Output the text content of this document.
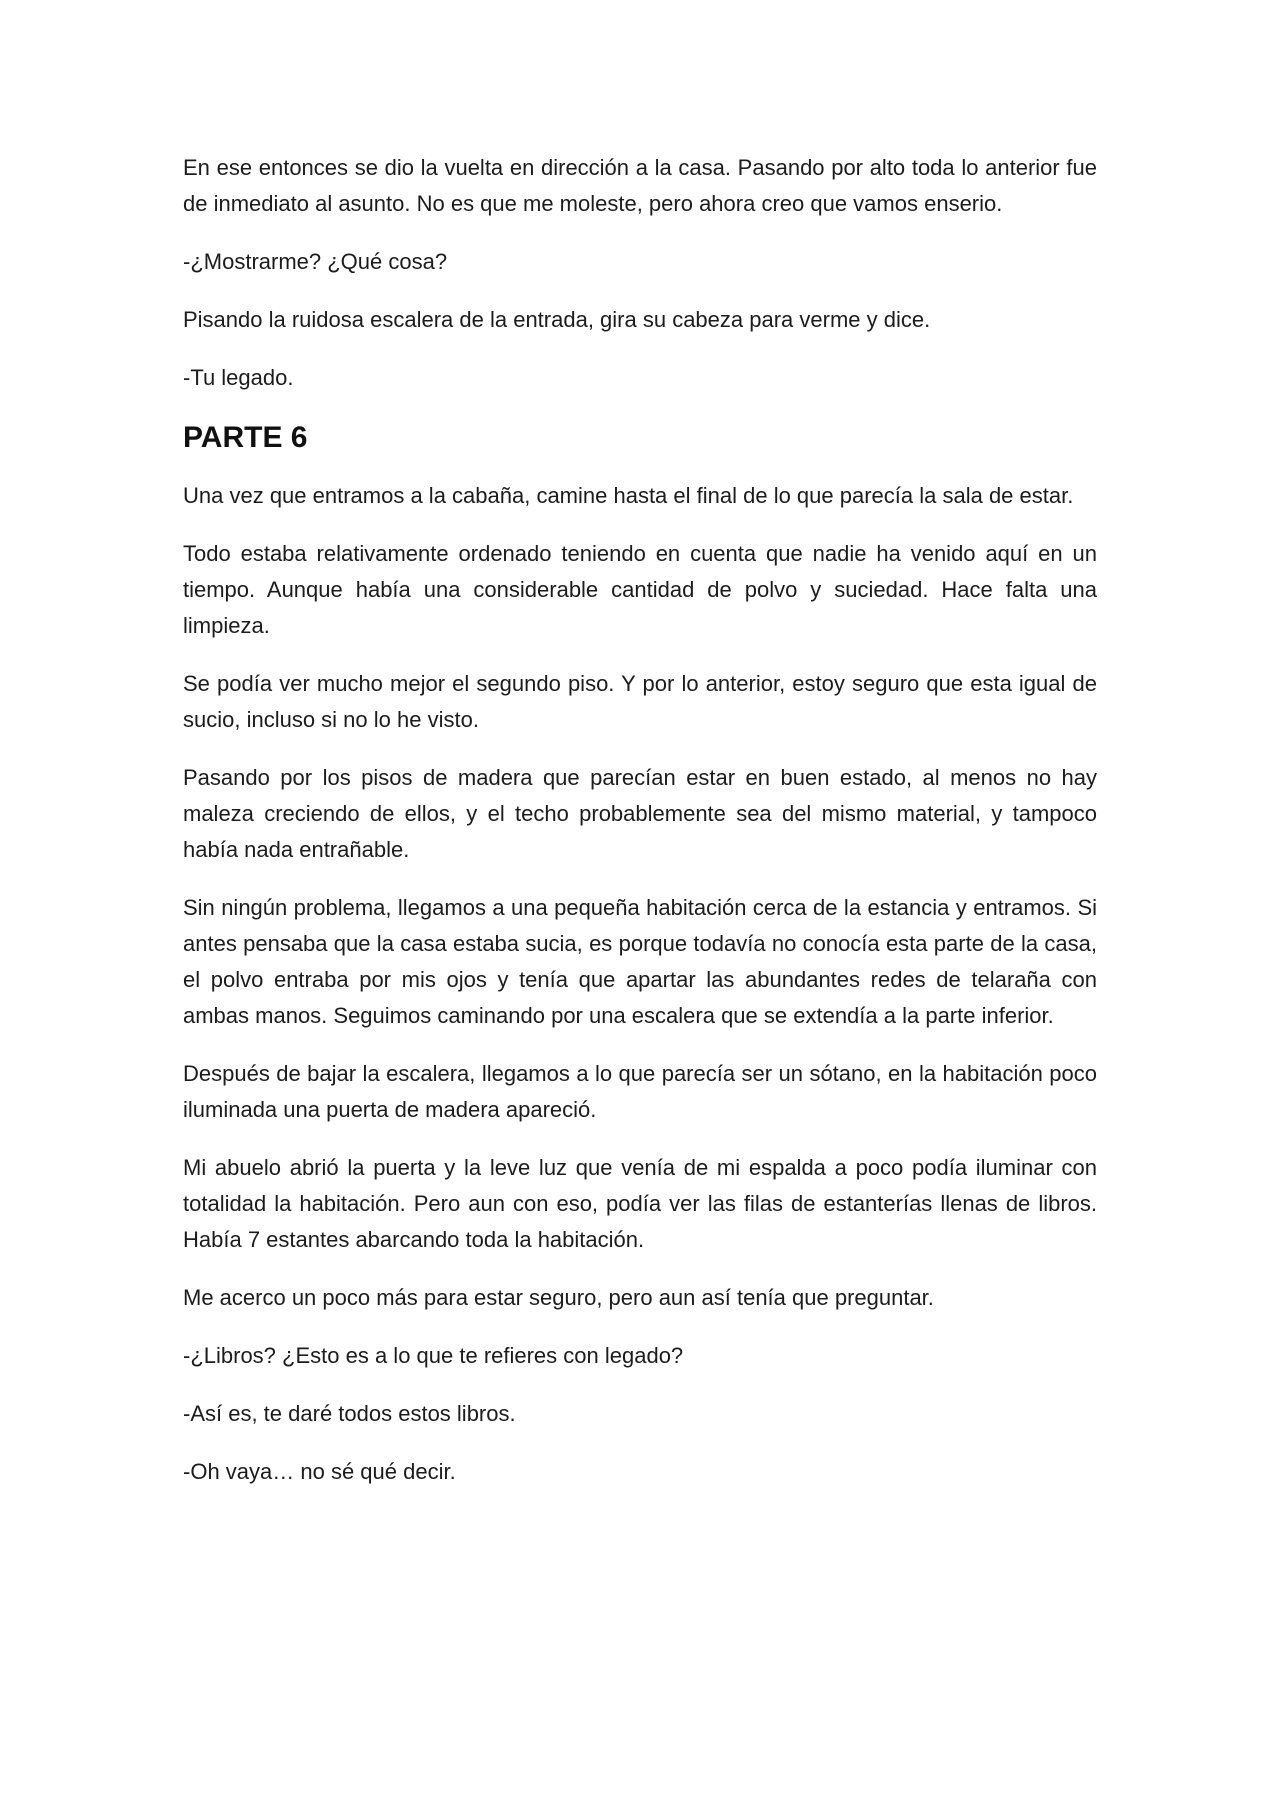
En ese entonces se dio la vuelta en dirección a la casa. Pasando por alto toda lo anterior fue de inmediato al asunto. No es que me moleste, pero ahora creo que vamos enserio.

-¿Mostrarme? ¿Qué cosa?

Pisando la ruidosa escalera de la entrada, gira su cabeza para verme y dice.

-Tu legado.

PARTE 6

Una vez que entramos a la cabaña, camine hasta el final de lo que parecía la sala de estar.

Todo estaba relativamente ordenado teniendo en cuenta que nadie ha venido aquí en un tiempo. Aunque había una considerable cantidad de polvo y suciedad. Hace falta una limpieza.

Se podía ver mucho mejor el segundo piso. Y por lo anterior, estoy seguro que esta igual de sucio, incluso si no lo he visto.

Pasando por los pisos de madera que parecían estar en buen estado, al menos no hay maleza creciendo de ellos, y el techo probablemente sea del mismo material, y tampoco había nada entrañable.

Sin ningún problema, llegamos a una pequeña habitación cerca de la estancia y entramos. Si antes pensaba que la casa estaba sucia, es porque todavía no conocía esta parte de la casa, el polvo entraba por mis ojos y tenía que apartar las abundantes redes de telaraña con ambas manos. Seguimos caminando por una escalera que se extendía a la parte inferior.

Después de bajar la escalera, llegamos a lo que parecía ser un sótano, en la habitación poco iluminada una puerta de madera apareció.

Mi abuelo abrió la puerta y la leve luz que venía de mi espalda a poco podía iluminar con totalidad la habitación. Pero aun con eso, podía ver las filas de estanterías llenas de libros. Había 7 estantes abarcando toda la habitación.

Me acerco un poco más para estar seguro, pero aun así tenía que preguntar.

-¿Libros? ¿Esto es a lo que te refieres con legado?

-Así es, te daré todos estos libros.

-Oh vaya… no sé qué decir.
